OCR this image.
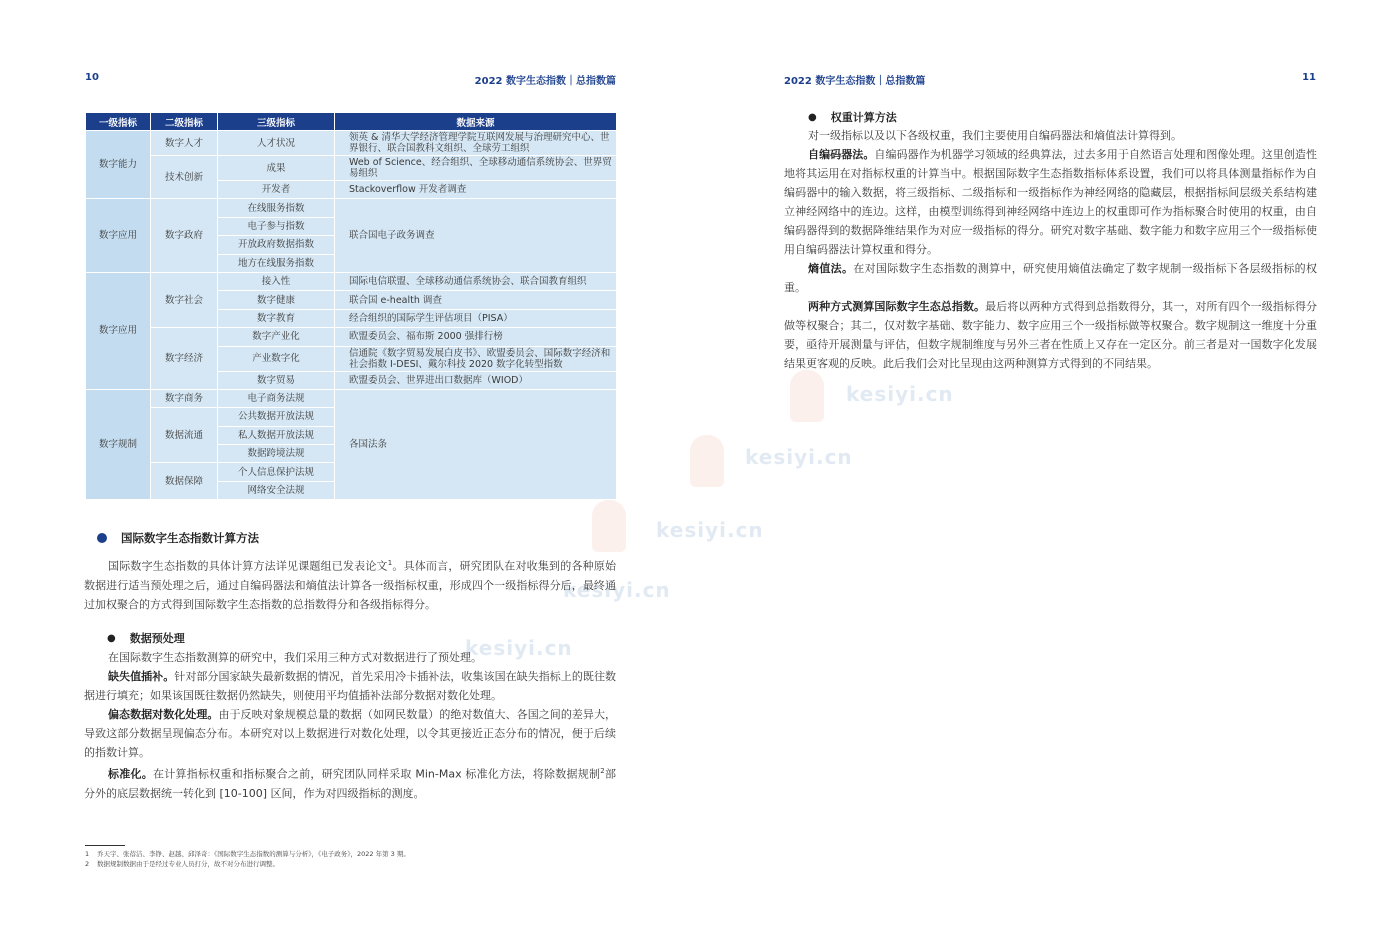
kesiyi.cn
kesiyi.cn
kesiyi.cn
kesiyi.cn
kesiyi.cn
10	2022 数字生态指数｜总指数篇
一级指标	二级指标	三级指标	数据来源
数字能力	数字人才	人才状况	领英 & 清华大学经济管理学院互联网发展与治理研究中心、世界银行、联合国教科文组织、全球劳工组织
	技术创新	成果	Web of Science、经合组织、全球移动通信系统协会、世界贸易组织
		开发者	Stackoverflow 开发者调查
数字应用	数字政府	在线服务指数	联合国电子政务调查
		电子参与指数	
		开放政府数据指数	
		地方在线服务指数	
数字应用	数字社会	接入性	国际电信联盟、全球移动通信系统协会、联合国教育组织
		数字健康	联合国 e-health 调查
		数字教育	经合组织的国际学生评估项目（PISA）
	数字经济	数字产业化	欧盟委员会、福布斯 2000 强排行榜
		产业数字化	信通院《数字贸易发展白皮书》、欧盟委员会、国际数字经济和社会指数 I-DESI、戴尔科技 2020 数字化转型指数
		数字贸易	欧盟委员会、世界进出口数据库（WIOD）
数字规制	数字商务	电子商务法规	各国法条
	数据流通	公共数据开放法规	
		私人数据开放法规	
		数据跨境法规	
	数据保障	个人信息保护法规	
		网络安全法规	
国际数字生态指数计算方法

国际数字生态指数的具体计算方法详见课题组已发表论文$^1$。具体而言，研究团队在对收集到的各种原始数据进行适当预处理之后，通过自编码器法和熵值法计算各一级指标权重，形成四个一级指标得分后，最终通过加权聚合的方式得到国际数字生态指数的总指数得分和各级指标得分。

● 数据预处理

在国际数字生态指数测算的研究中，我们采用三种方式对数据进行了预处理。

缺失值插补。针对部分国家缺失最新数据的情况，首先采用冷卡插补法，收集该国在缺失指标上的既往数据进行填充；如果该国既往数据仍然缺失，则使用平均值插补法部分数据对数化处理。

偏态数据对数化处理。由于反映对象规模总量的数据（如网民数量）的绝对数值大、各国之间的差异大，导致这部分数据呈现偏态分布。本研究对以上数据进行对数化处理，以令其更接近正态分布的情况，便于后续的指数计算。

标准化。在计算指标权重和指标聚合之前，研究团队同样采取 Min-Max 标准化方法，将除数据规制$^2$部分外的底层数据统一转化到 [10-100] 区间，作为对四级指标的测度。

1 乔天宇、张蓓洁、李铮、赵越、邱泽奇：《国际数字生态指数的测算与分析》，《电子政务》，2022 年第 3 期。
2 数据规制数据由于是经过专业人员打分，故不对分布进行调整。
2022 数字生态指数｜总指数篇	11
● 权重计算方法

对一级指标以及以下各级权重，我们主要使用自编码器法和熵值法计算得到。

自编码器法。自编码器作为机器学习领域的经典算法，过去多用于自然语言处理和图像处理。这里创造性地将其运用在对指标权重的计算当中。根据国际数字生态指数指标体系设置，我们可以将具体测量指标作为自编码器中的输入数据，将三级指标、二级指标和一级指标作为神经网络的隐藏层，根据指标间层级关系结构建立神经网络中的连边。这样，由模型训练得到神经网络中连边上的权重即可作为指标聚合时使用的权重，由自编码器得到的数据降维结果作为对应一级指标的得分。研究对数字基础、数字能力和数字应用三个一级指标使用自编码器法计算权重和得分。

熵值法。在对国际数字生态指数的测算中，研究使用熵值法确定了数字规制一级指标下各层级指标的权重。

两种方式测算国际数字生态总指数。最后将以两种方式得到总指数得分，其一，对所有四个一级指标得分做等权聚合；其二，仅对数字基础、数字能力、数字应用三个一级指标做等权聚合。数字规制这一维度十分重要，亟待开展测量与评估，但数字规制维度与另外三者在性质上又存在一定区分。前三者是对一国数字化发展结果更客观的反映。此后我们会对比呈现由这两种测算方式得到的不同结果。
